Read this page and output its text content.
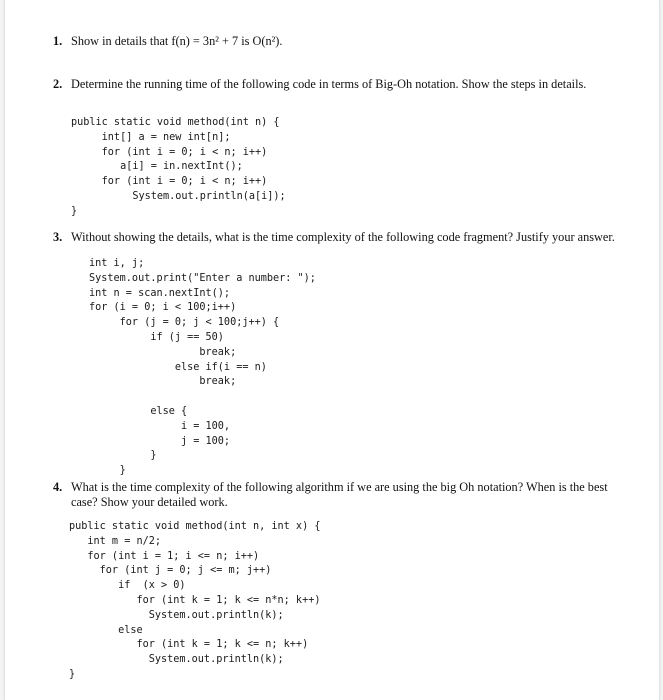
1. Show in details that f(n) = 3n² + 7 is O(n²).
2. Determine the running time of the following code in terms of Big-Oh notation. Show the steps in details.
public static void method(int n) {
int[] a = new int[n];
for (int i = 0; i < n; i++)
a[i] = in.nextInt();
for (int i = 0; i < n; i++)
System.out.println(a[i]);
}
3. Without showing the details, what is the time complexity of the following code fragment? Justify your answer.
int i, j;
System.out.print("Enter a number: ");
int n = scan.nextInt();
for (i = 0; i < 100;i++)
for (j = 0; j < 100;j++) {
if (j == 50)
break;
else if(i == n)
break;
else {
i = 100,
j = 100;
}
}
4. What is the time complexity of the following algorithm if we are using the big Oh notation? When is the best case? Show your detailed work.
public static void method(int n, int x) {
int m = n/2;
for (int i = 1; i <= n; i++)
for (int j = 0; j <= m; j++)
if  (x > 0)
for (int k = 1; k <= n*n; k++)
System.out.println(k);
else
for (int k = 1; k <= n; k++)
System.out.println(k);
}
